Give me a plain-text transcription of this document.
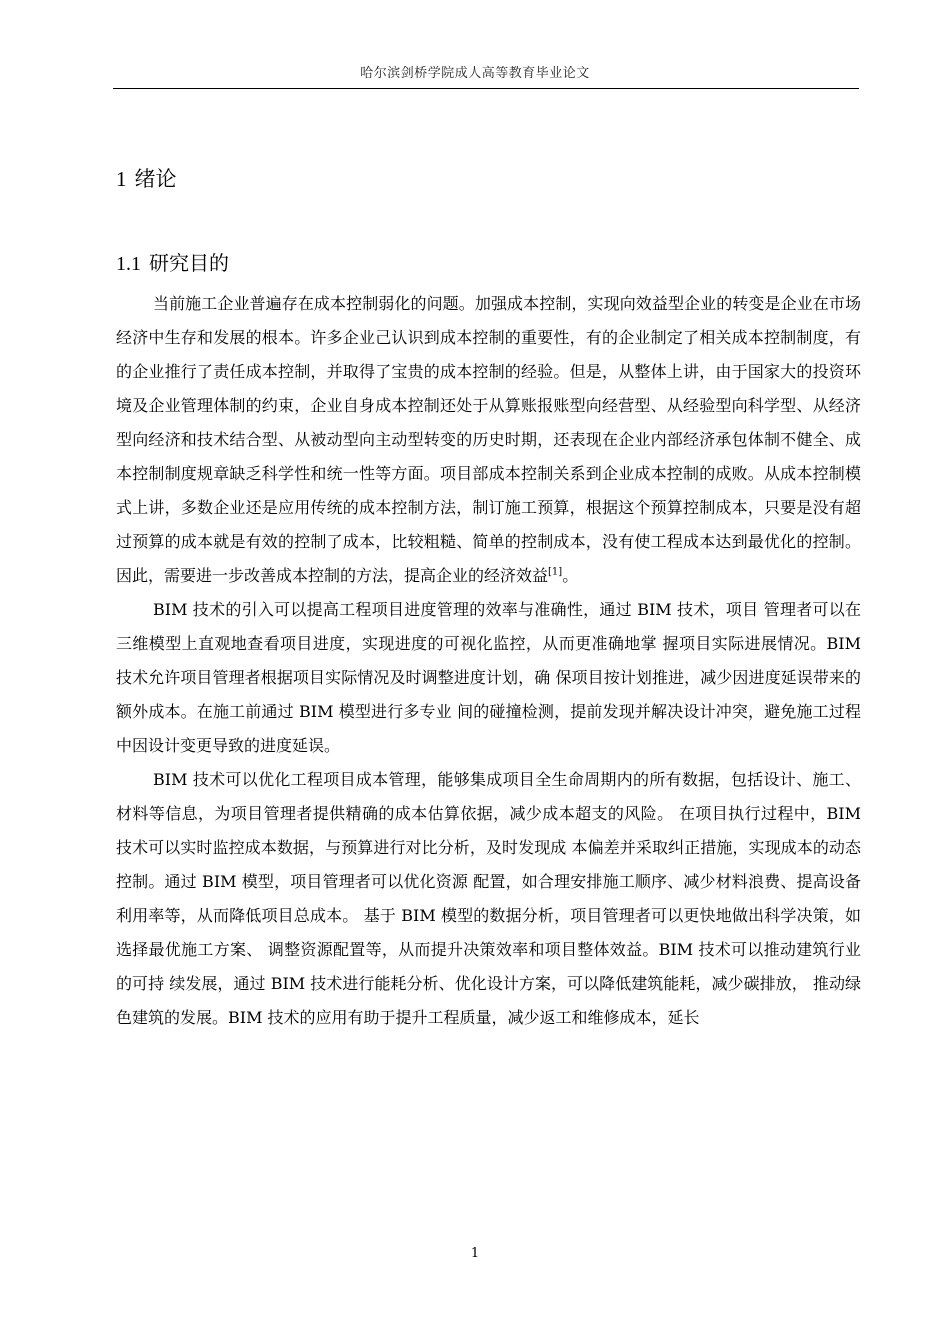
哈尔滨剑桥学院成人高等教育毕业论文
1 绪论
1.1 研究目的

当前施工企业普遍存在成本控制弱化的问题。加强成本控制，实现向效益型企业的转变是企业在市场经济中生存和发展的根本。许多企业己认识到成本控制的重要性，有的企业制定了相关成本控制制度，有的企业推行了责任成本控制，并取得了宝贵的成本控制的经验。但是，从整体上讲，由于国家大的投资环境及企业管理体制的约束，企业自身成本控制还处于从算账报账型向经营型、从经验型向科学型、从经济型向经济和技术结合型、从被动型向主动型转变的历史时期，还表现在企业内部经济承包体制不健全、成本控制制度规章缺乏科学性和统一性等方面。项目部成本控制关系到企业成本控制的成败。从成本控制模式上讲，多数企业还是应用传统的成本控制方法，制订施工预算，根据这个预算控制成本，只要是没有超过预算的成本就是有效的控制了成本，比较粗糙、简单的控制成本，没有使工程成本达到最优化的控制。因此，需要进一步改善成本控制的方法，提高企业的经济效益[1]。

BIM 技术的引入可以提高工程项目进度管理的效率与准确性，通过 BIM 技术，项目 管理者可以在三维模型上直观地查看项目进度，实现进度的可视化监控，从而更准确地掌 握项目实际进展情况。BIM 技术允许项目管理者根据项目实际情况及时调整进度计划，确 保项目按计划推进，减少因进度延误带来的额外成本。在施工前通过 BIM 模型进行多专业 间的碰撞检测，提前发现并解决设计冲突，避免施工过程中因设计变更导致的进度延误。

BIM 技术可以优化工程项目成本管理，能够集成项目全生命周期内的所有数据，包括设计、施工、材料等信息，为项目管理者提供精确的成本估算依据，减少成本超支的风险。 在项目执行过程中，BIM 技术可以实时监控成本数据，与预算进行对比分析，及时发现成 本偏差并采取纠正措施，实现成本的动态控制。通过 BIM 模型，项目管理者可以优化资源 配置，如合理安排施工顺序、减少材料浪费、提高设备利用率等，从而降低项目总成本。 基于 BIM 模型的数据分析，项目管理者可以更快地做出科学决策，如选择最优施工方案、 调整资源配置等，从而提升决策效率和项目整体效益。BIM 技术可以推动建筑行业的可持 续发展，通过 BIM 技术进行能耗分析、优化设计方案，可以降低建筑能耗，减少碳排放， 推动绿色建筑的发展。BIM 技术的应用有助于提升工程质量，减少返工和维修成本，延长

1
